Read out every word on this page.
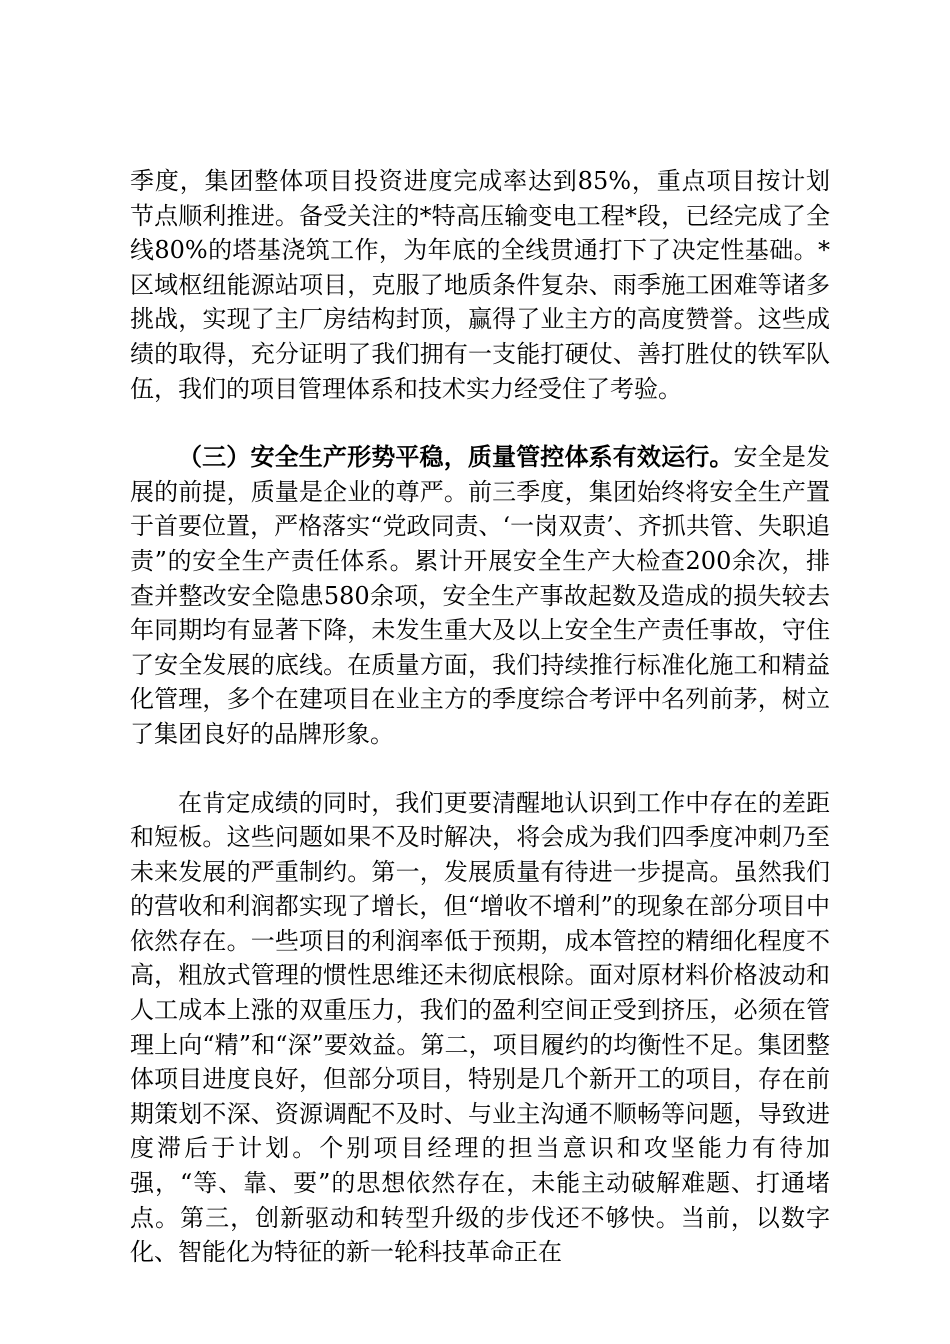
季度，集团整体项目投资进度完成率达到85%，重点项目按计划节点顺利推进。备受关注的*特高压输变电工程*段，已经完成了全线80%的塔基浇筑工作，为年底的全线贯通打下了决定性基础。*区域枢纽能源站项目，克服了地质条件复杂、雨季施工困难等诸多挑战，实现了主厂房结构封顶，赢得了业主方的高度赞誉。这些成绩的取得，充分证明了我们拥有一支能打硬仗、善打胜仗的铁军队伍，我们的项目管理体系和技术实力经受住了考验。

（三）安全生产形势平稳，质量管控体系有效运行。安全是发展的前提，质量是企业的尊严。前三季度，集团始终将安全生产置于首要位置，严格落实“党政同责、‘一岗双责’、齐抓共管、失职追责”的安全生产责任体系。累计开展安全生产大检查200余次，排查并整改安全隐患580余项，安全生产事故起数及造成的损失较去年同期均有显著下降，未发生重大及以上安全生产责任事故，守住了安全发展的底线。在质量方面，我们持续推行标准化施工和精益化管理，多个在建项目在业主方的季度综合考评中名列前茅，树立了集团良好的品牌形象。

在肯定成绩的同时，我们更要清醒地认识到工作中存在的差距和短板。这些问题如果不及时解决，将会成为我们四季度冲刺乃至未来发展的严重制约。第一，发展质量有待进一步提高。虽然我们的营收和利润都实现了增长，但“增收不增利”的现象在部分项目中依然存在。一些项目的利润率低于预期，成本管控的精细化程度不高，粗放式管理的惯性思维还未彻底根除。面对原材料价格波动和人工成本上涨的双重压力，我们的盈利空间正受到挤压，必须在管理上向“精”和“深”要效益。第二，项目履约的均衡性不足。集团整体项目进度良好，但部分项目，特别是几个新开工的项目，存在前期策划不深、资源调配不及时、与业主沟通不顺畅等问题，导致进度滞后于计划。个别项目经理的担当意识和攻坚能力有待加强，“等、靠、要”的思想依然存在，未能主动破解难题、打通堵点。第三，创新驱动和转型升级的步伐还不够快。当前，以数字化、智能化为特征的新一轮科技革命正在
